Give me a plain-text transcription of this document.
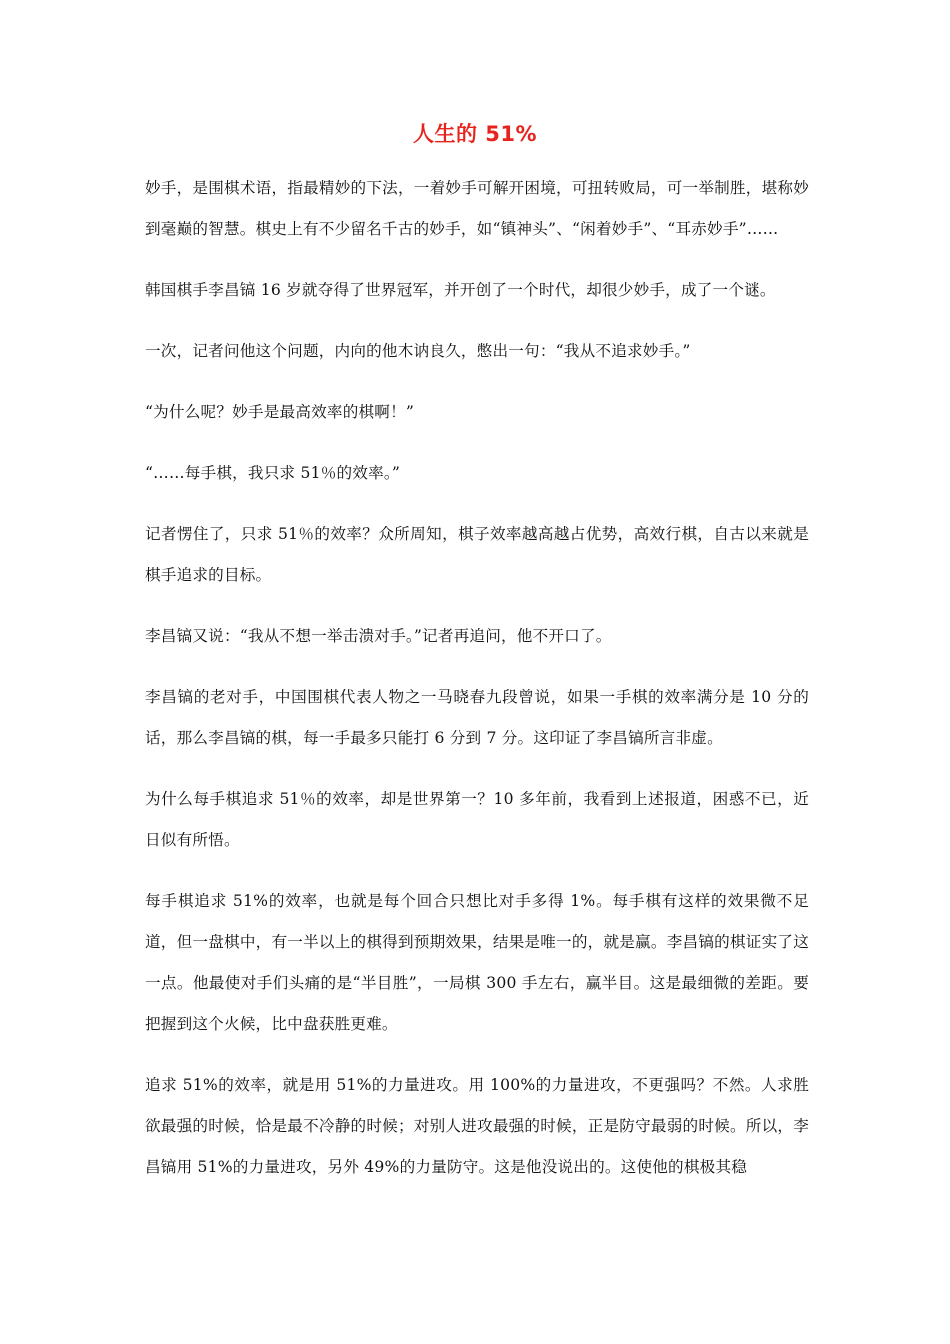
人生的 51%

妙手，是围棋术语，指最精妙的下法，一着妙手可解开困境，可扭转败局，可一举制胜，堪称妙到毫巅的智慧。棋史上有不少留名千古的妙手，如“镇神头”、“闲着妙手”、“耳赤妙手”……

韩国棋手李昌镐 16 岁就夺得了世界冠军，并开创了一个时代，却很少妙手，成了一个谜。

一次，记者问他这个问题，内向的他木讷良久，憋出一句：“我从不追求妙手。”

“为什么呢？妙手是最高效率的棋啊！”

“……每手棋，我只求 51％的效率。”

记者愣住了，只求 51％的效率？众所周知，棋子效率越高越占优势，高效行棋，自古以来就是棋手追求的目标。

李昌镐又说：“我从不想一举击溃对手。”记者再追问，他不开口了。

李昌镐的老对手，中国围棋代表人物之一马晓春九段曾说，如果一手棋的效率满分是 10 分的话，那么李昌镐的棋，每一手最多只能打 6 分到 7 分。这印证了李昌镐所言非虚。

为什么每手棋追求 51％的效率，却是世界第一？10 多年前，我看到上述报道，困惑不已，近日似有所悟。

每手棋追求 51%的效率，也就是每个回合只想比对手多得 1%。每手棋有这样的效果微不足道，但一盘棋中，有一半以上的棋得到预期效果，结果是唯一的，就是赢。李昌镐的棋证实了这一点。他最使对手们头痛的是“半目胜”，一局棋 300 手左右，赢半目。这是最细微的差距。要把握到这个火候，比中盘获胜更难。

追求 51%的效率，就是用 51%的力量进攻。用 100%的力量进攻，不更强吗？不然。人求胜欲最强的时候，恰是最不冷静的时候；对别人进攻最强的时候，正是防守最弱的时候。所以，李昌镐用 51%的力量进攻，另外 49%的力量防守。这是他没说出的。这使他的棋极其稳
